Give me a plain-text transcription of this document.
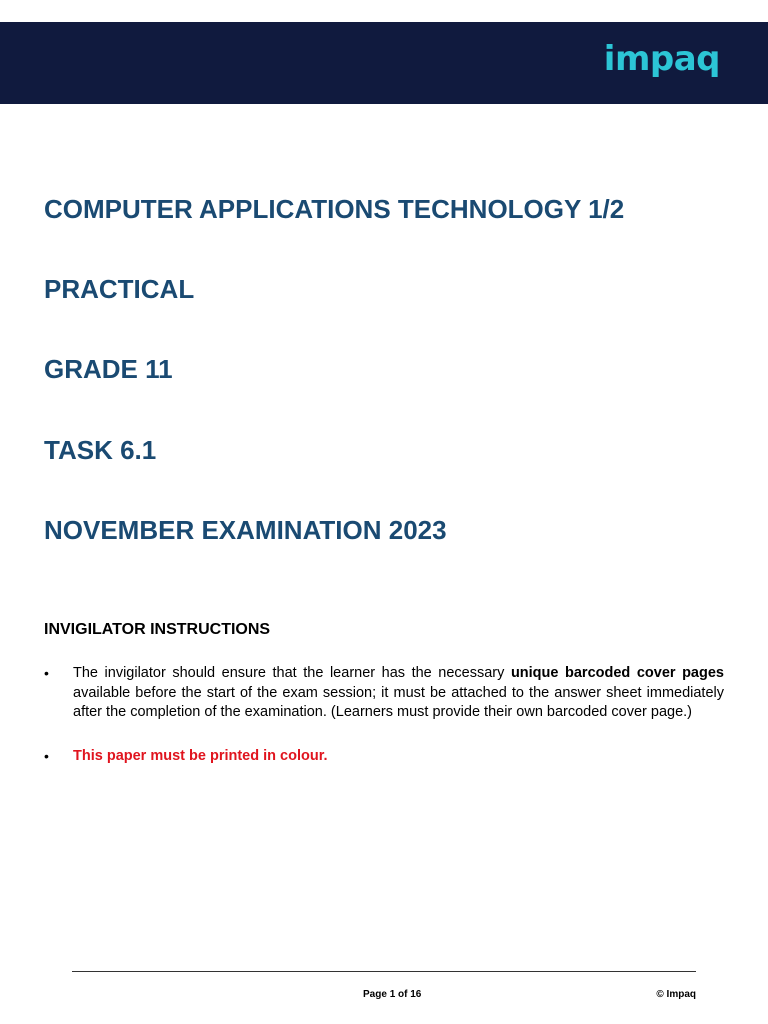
impaq
COMPUTER APPLICATIONS TECHNOLOGY 1/2
PRACTICAL
GRADE 11
TASK 6.1
NOVEMBER EXAMINATION 2023
INVIGILATOR INSTRUCTIONS
• The invigilator should ensure that the learner has the necessary unique barcoded cover pages available before the start of the exam session; it must be attached to the answer sheet immediately after the completion of the examination. (Learners must provide their own barcoded cover page.)
• This paper must be printed in colour.
Page 1 of 16	© Impaq
